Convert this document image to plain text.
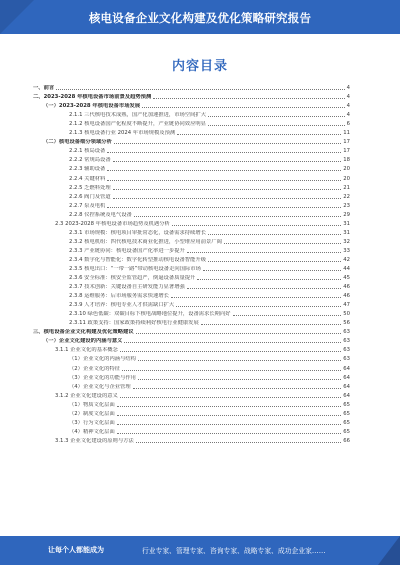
核电设备企业文化构建及优化策略研究报告
内容目录
一、前言	4
二、2023-2028 年核电设备市场前景及趋势预测	4
（一）2023-2028 年核电设备市场发展	4
2.1.1 三代核电技术成熟，国产化加速推进，市场空间扩大	4
2.1.2 核电设备国产化程度不断提升，产业链协同效应明显	6
2.1.3 核电设备行业 2024 年市场规模及预测	11
（二）核电设备细分领域分析	17
2.2.1 核岛设备	17
2.2.2 常规岛设备	18
2.2.3 辅助设备	20
2.2.4 关键材料	20
2.2.5 乏燃料处理	21
2.2.6 阀门及管道	22
2.2.7 泵及电机	23
2.2.8 仪控系统及电气设备	29
2.3 2023-2028 年核电设备市场趋势及机遇分析	31
2.3.1 市场规模：核电项目审批常态化，设备需求持续增长	31
2.3.2 核电机组：四代核电技术商业化推进，小型堆应用前景广阔	32
2.3.3 产业链协同：核电设备国产化率进一步提升	33
2.3.4 数字化与智能化：数字化转型推动核电设备智能升级	42
2.3.5 核电出口：“一带一路”带动核电设备走向国际市场	44
2.3.6 安全标准：核安全监管趋严，倒逼设备质量提升	45
2.3.7 技术创新：关键设备自主研发能力显著增强	46
2.3.8 运维服务：后市场服务需求快速增长	46
2.3.9 人才培养：核电专业人才供需缺口扩大	47
2.3.10 绿色低碳：双碳目标下核电战略地位提升，设备需求长期向好	50
2.3.11 政策支持：国家政策持续利好核电行业健康发展	56
三、核电设备企业文化构建及优化策略建议	63
（一）企业文化建设的内涵与意义	63
3.1.1 企业文化的基本概念	63
（1）企业文化的内涵与结构	63
（2）企业文化的特征	64
（3）企业文化的功能与作用	64
（4）企业文化与企业管理	64
3.1.2 企业文化建设的意义	64
（1）物质文化层面	65
（2）制度文化层面	65
（3）行为文化层面	65
（4）精神文化层面	65
3.1.3 企业文化建设的原则与方法	66
让每个人都能成为	行业专家、管理专家、咨询专家、战略专家、成功企业家……
